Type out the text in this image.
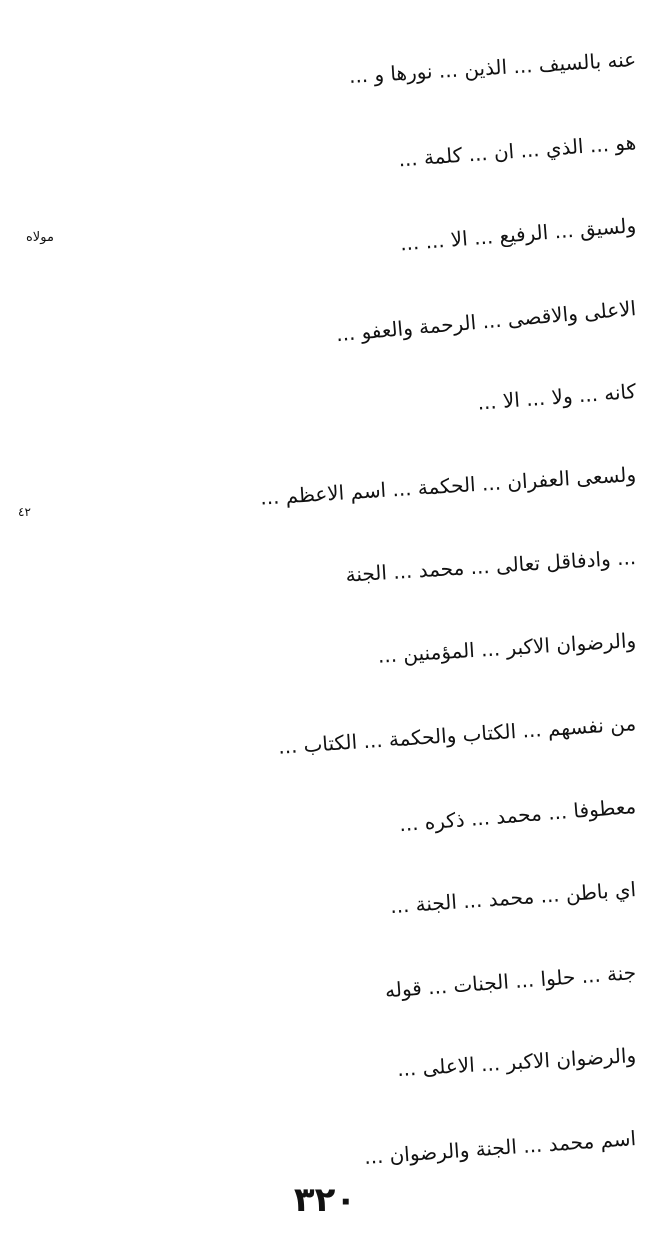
عنه بالسيف ... الذين ... نورها و ...
هو ... الذي ... ان ... كلمة ...
ولسيق ... الرفيع ... الا ... ...
الاعلى والاقصى ... الرحمة والعفو ...
كانه ... ولا ... الا ...
ولسعى العفران ... الحكمة ... اسم الاعظم ...
... وادفاقل تعالى ... محمد ... الجنة
والرضوان الاكبر ... المؤمنين ...
من نفسهم ... الكتاب والحكمة ... الكتاب ...
معطوفا ... محمد ... ذكره ...
اي باطن ... محمد ... الجنة ...
جنة ... حلوا ... الجنات ... قوله
والرضوان الاكبر ... الاعلى ...
اسم محمد ... الجنة والرضوان ...
مولاه
٤٢
٣٢٠
